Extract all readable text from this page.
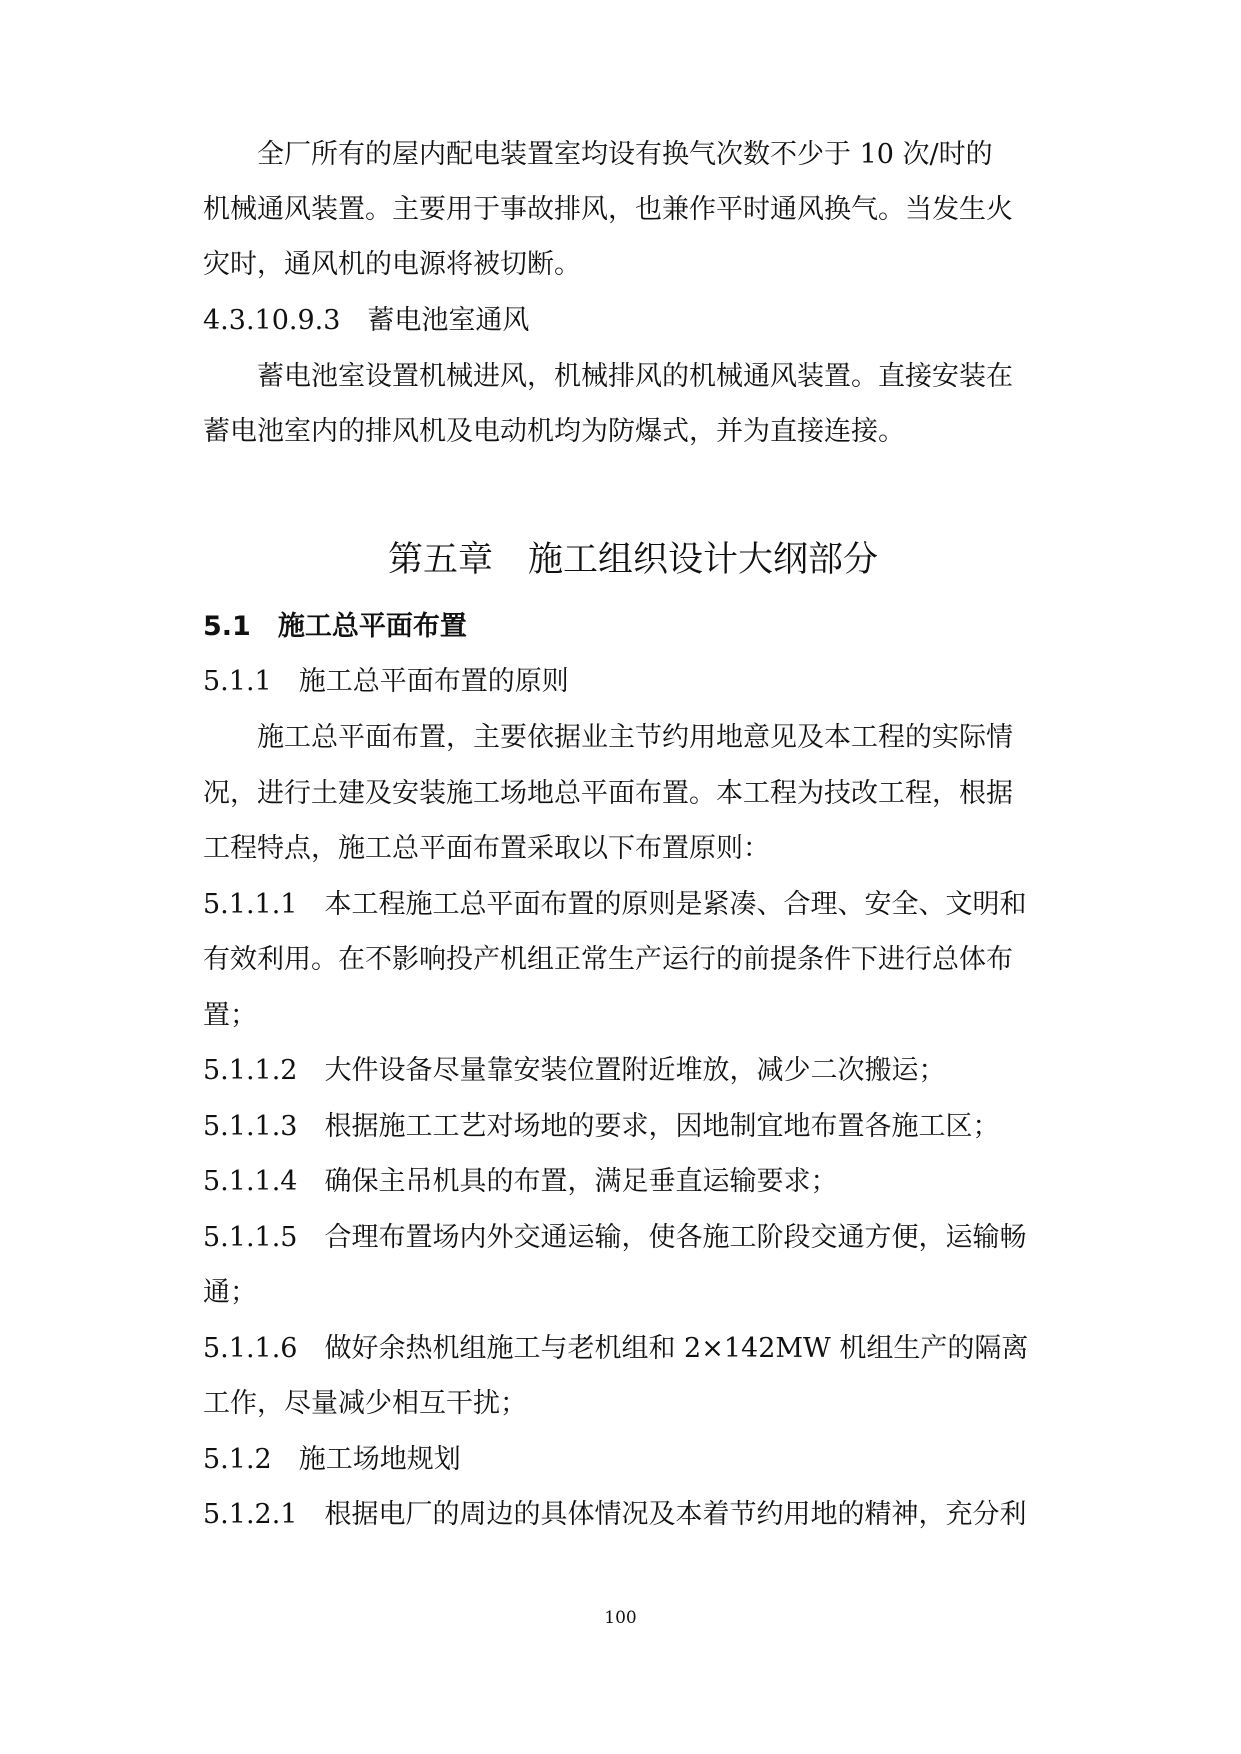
全厂所有的屋内配电装置室均设有换气次数不少于 10 次/时的
机械通风装置。主要用于事故排风，也兼作平时通风换气。当发生火
灾时，通风机的电源将被切断。
4.3.10.9.3　蓄电池室通风
蓄电池室设置机械进风，机械排风的机械通风装置。直接安装在
蓄电池室内的排风机及电动机均为防爆式，并为直接连接。
第五章　施工组织设计大纲部分
5.1　施工总平面布置
5.1.1　施工总平面布置的原则
施工总平面布置，主要依据业主节约用地意见及本工程的实际情
况，进行土建及安装施工场地总平面布置。本工程为技改工程，根据
工程特点，施工总平面布置采取以下布置原则：
5.1.1.1　本工程施工总平面布置的原则是紧凑、合理、安全、文明和
有效利用。在不影响投产机组正常生产运行的前提条件下进行总体布
置；
5.1.1.2　大件设备尽量靠安装位置附近堆放，减少二次搬运；
5.1.1.3　根据施工工艺对场地的要求，因地制宜地布置各施工区；
5.1.1.4　确保主吊机具的布置，满足垂直运输要求；
5.1.1.5　合理布置场内外交通运输，使各施工阶段交通方便，运输畅
通；
5.1.1.6　做好余热机组施工与老机组和 2×142MW 机组生产的隔离
工作，尽量减少相互干扰；
5.1.2　施工场地规划
5.1.2.1　根据电厂的周边的具体情况及本着节约用地的精神，充分利
100
